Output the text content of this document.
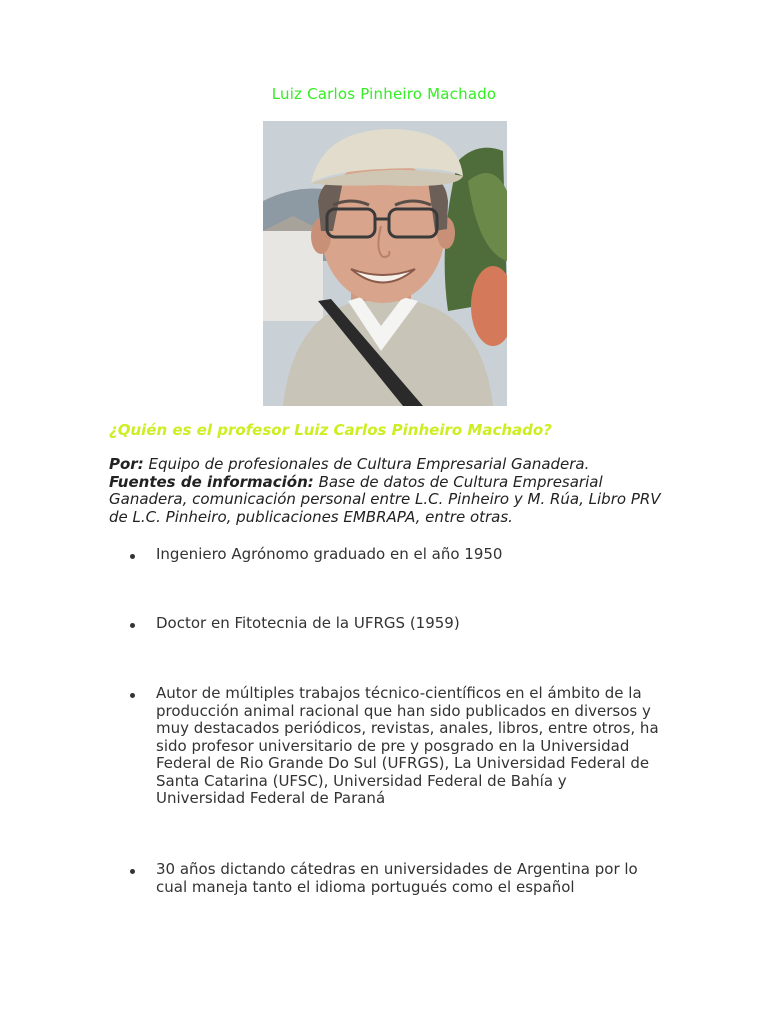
Luiz Carlos Pinheiro Machado
¿Quién es el profesor Luiz Carlos Pinheiro Machado?
Por: Equipo de profesionales de Cultura Empresarial Ganadera.
Fuentes de información: Base de datos de Cultura Empresarial Ganadera, comunicación personal entre L.C. Pinheiro y M. Rúa, Libro PRV de L.C. Pinheiro, publicaciones EMBRAPA, entre otras.
Ingeniero Agrónomo graduado en el año 1950
Doctor en Fitotecnia de la UFRGS (1959)
Autor de múltiples trabajos técnico-científicos en el ámbito de la producción animal racional que han sido publicados en diversos y muy destacados periódicos, revistas, anales, libros, entre otros, ha sido profesor universitario de pre y posgrado en la Universidad Federal de Rio Grande Do Sul (UFRGS), La Universidad Federal de Santa Catarina (UFSC), Universidad Federal de Bahía y Universidad Federal de Paraná
30 años dictando cátedras en universidades de Argentina por lo cual maneja tanto el idioma portugués como el español
